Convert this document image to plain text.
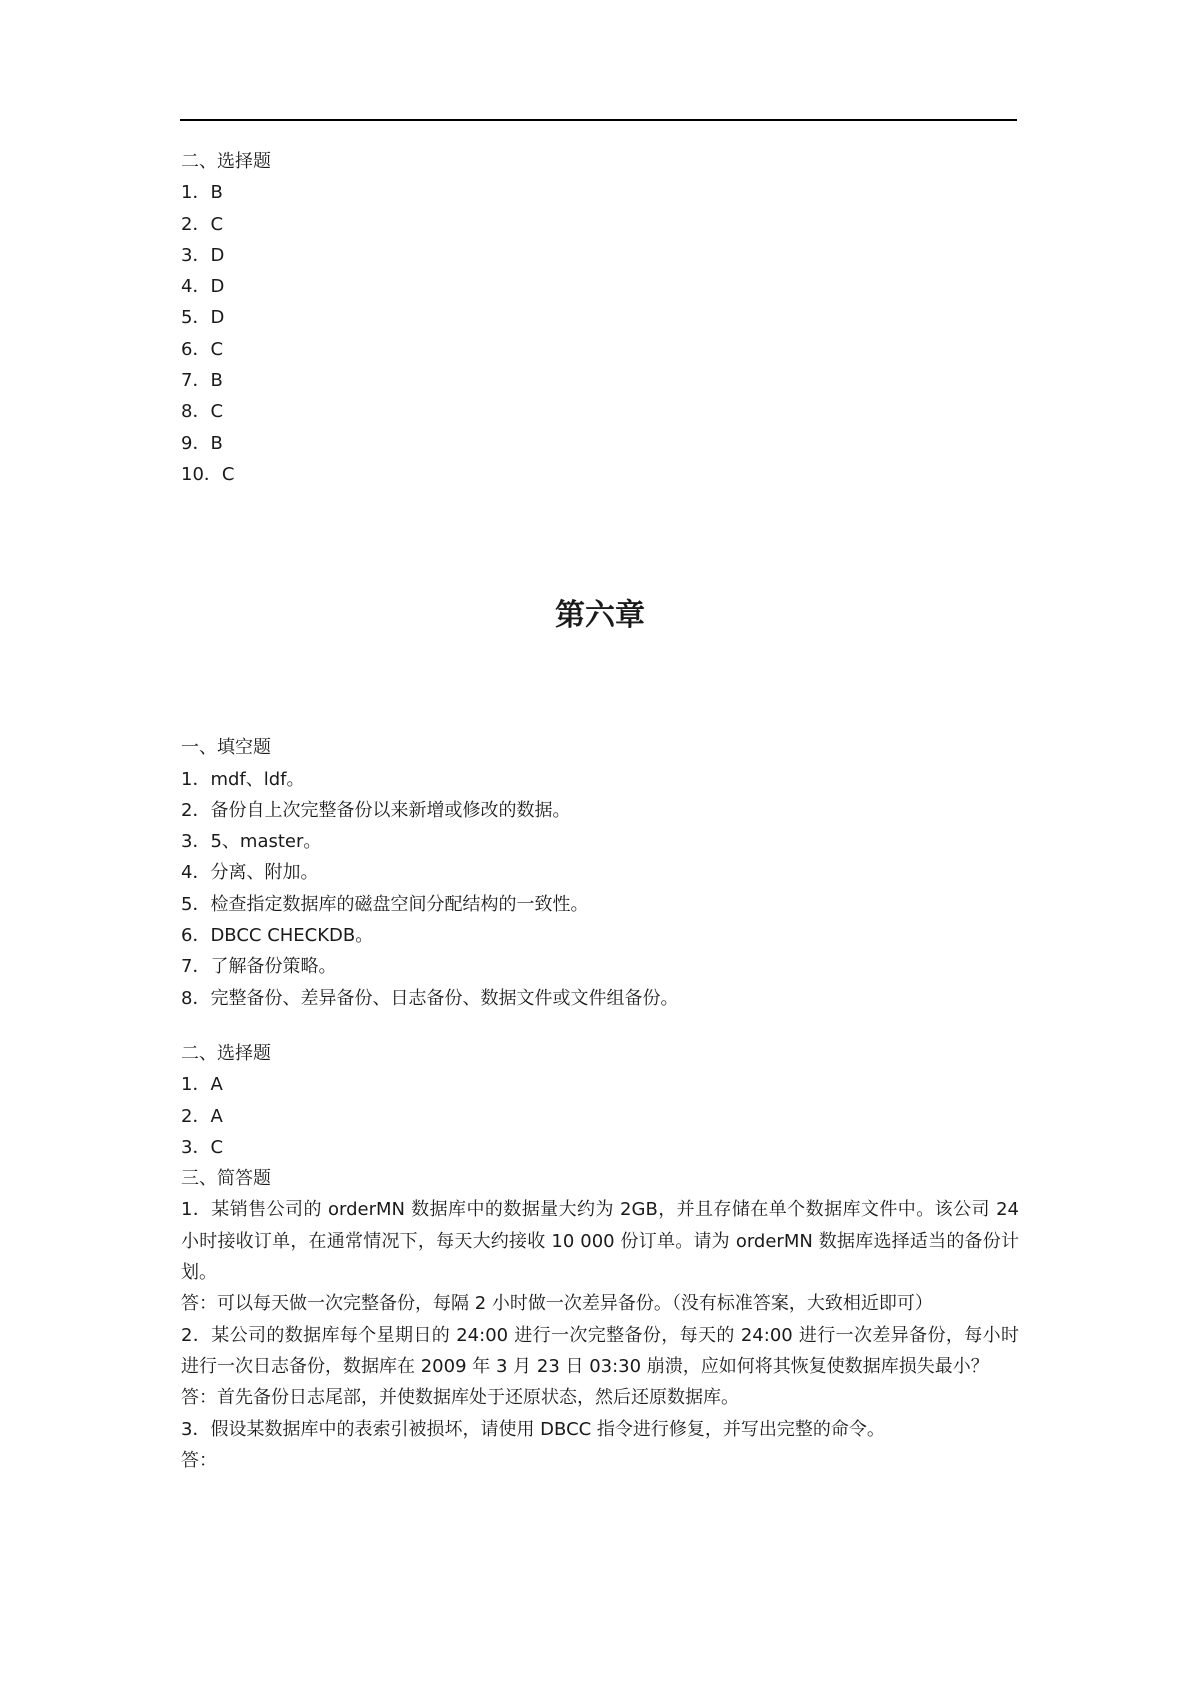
二、选择题
1．B
2．C
3．D
4．D
5．D
6．C
7．B
8．C
9．B
10．C
第六章
一、填空题
1．mdf、ldf。
2．备份自上次完整备份以来新增或修改的数据。
3．5、master。
4．分离、附加。
5．检查指定数据库的磁盘空间分配结构的一致性。
6．DBCC CHECKDB。
7．了解备份策略。
8．完整备份、差异备份、日志备份、数据文件或文件组备份。
二、选择题
1．A
2．A
3．C
三、简答题
1．某销售公司的 orderMN 数据库中的数据量大约为 2GB，并且存储在单个数据库文件中。该公司 24 小时接收订单，在通常情况下，每天大约接收 10 000 份订单。请为 orderMN 数据库选择适当的备份计划。
答：可以每天做一次完整备份，每隔 2 小时做一次差异备份。（没有标准答案，大致相近即可）
2．某公司的数据库每个星期日的 24:00 进行一次完整备份，每天的 24:00 进行一次差异备份，每小时进行一次日志备份，数据库在 2009 年 3 月 23 日 03:30 崩溃，应如何将其恢复使数据库损失最小？
答：首先备份日志尾部，并使数据库处于还原状态，然后还原数据库。
3．假设某数据库中的表索引被损坏，请使用 DBCC 指令进行修复，并写出完整的命令。
答：
